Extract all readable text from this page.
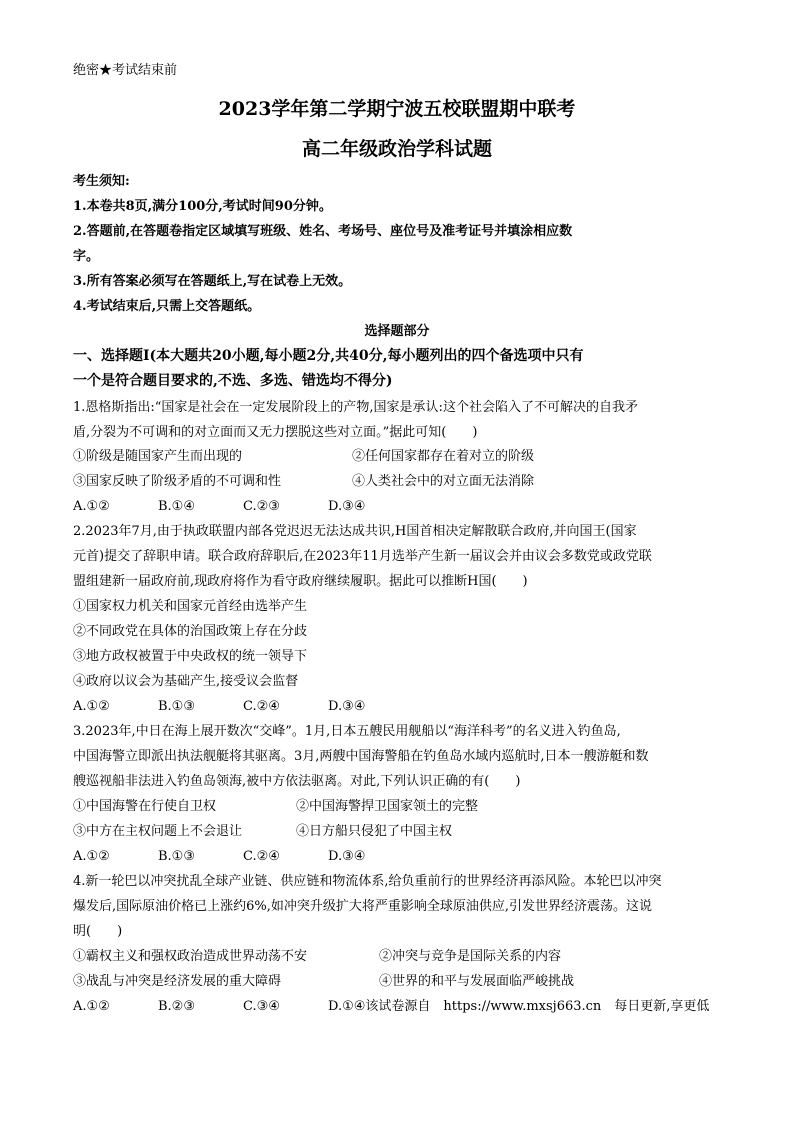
绝密★考试结束前
2023学年第二学期宁波五校联盟期中联考
高二年级政治学科试题
考生须知:
1.本卷共8页,满分100分,考试时间90分钟。
2.答题前,在答题卷指定区域填写班级、姓名、考场号、座位号及准考证号并填涂相应数
字。
3.所有答案必须写在答题纸上,写在试卷上无效。
4.考试结束后,只需上交答题纸。
选择题部分
一、选择题Ⅰ(本大题共20小题,每小题2分,共40分,每小题列出的四个备选项中只有
一个是符合题目要求的,不选、多选、错选均不得分)
1.恩格斯指出:“国家是社会在一定发展阶段上的产物,国家是承认:这个社会陷入了不可解决的自我矛
盾,分裂为不可调和的对立面而又无力摆脱这些对立面。”据此可知(　　)
①阶级是随国家产生而出现的	②任何国家都存在着对立的阶级
③国家反映了阶级矛盾的不可调和性	④人类社会中的对立面无法消除
A.①②	B.①④	C.②③	D.③④
2.2023年7月,由于执政联盟内部各党迟迟无法达成共识,H国首相决定解散联合政府,并向国王(国家
元首)提交了辞职申请。联合政府辞职后,在2023年11月选举产生新一届议会并由议会多数党或政党联
盟组建新一届政府前,现政府将作为看守政府继续履职。据此可以推断H国(　　)
①国家权力机关和国家元首经由选举产生
②不同政党在具体的治国政策上存在分歧
③地方政权被置于中央政权的统一领导下
④政府以议会为基础产生,接受议会监督
A.①②	B.①③	C.②④	D.③④
3.2023年,中日在海上展开数次“交峰”。1月,日本五艘民用舰船以“海洋科考”的名义进入钓鱼岛,
中国海警立即派出执法舰艇将其驱离。3月,两艘中国海警船在钓鱼岛水域内巡航时,日本一艘游艇和数
艘巡视船非法进入钓鱼岛领海,被中方依法驱离。对此,下列认识正确的有(　　)
①中国海警在行使自卫权	②中国海警捍卫国家领土的完整
③中方在主权问题上不会退让	④日方船只侵犯了中国主权
A.①②	B.①③	C.②④	D.③④
4.新一轮巴以冲突扰乱全球产业链、供应链和物流体系,给负重前行的世界经济再添风险。本轮巴以冲突
爆发后,国际原油价格已上涨约6%,如冲突升级扩大将严重影响全球原油供应,引发世界经济震荡。这说
明(　　)
①霸权主义和强权政治造成世界动荡不安	②冲突与竞争是国际关系的内容
③战乱与冲突是经济发展的重大障碍	④世界的和平与发展面临严峻挑战
A.①②	B.②③	C.③④	D.①④该试卷源自　https://www.mxsj663.cn　每日更新,享更低
